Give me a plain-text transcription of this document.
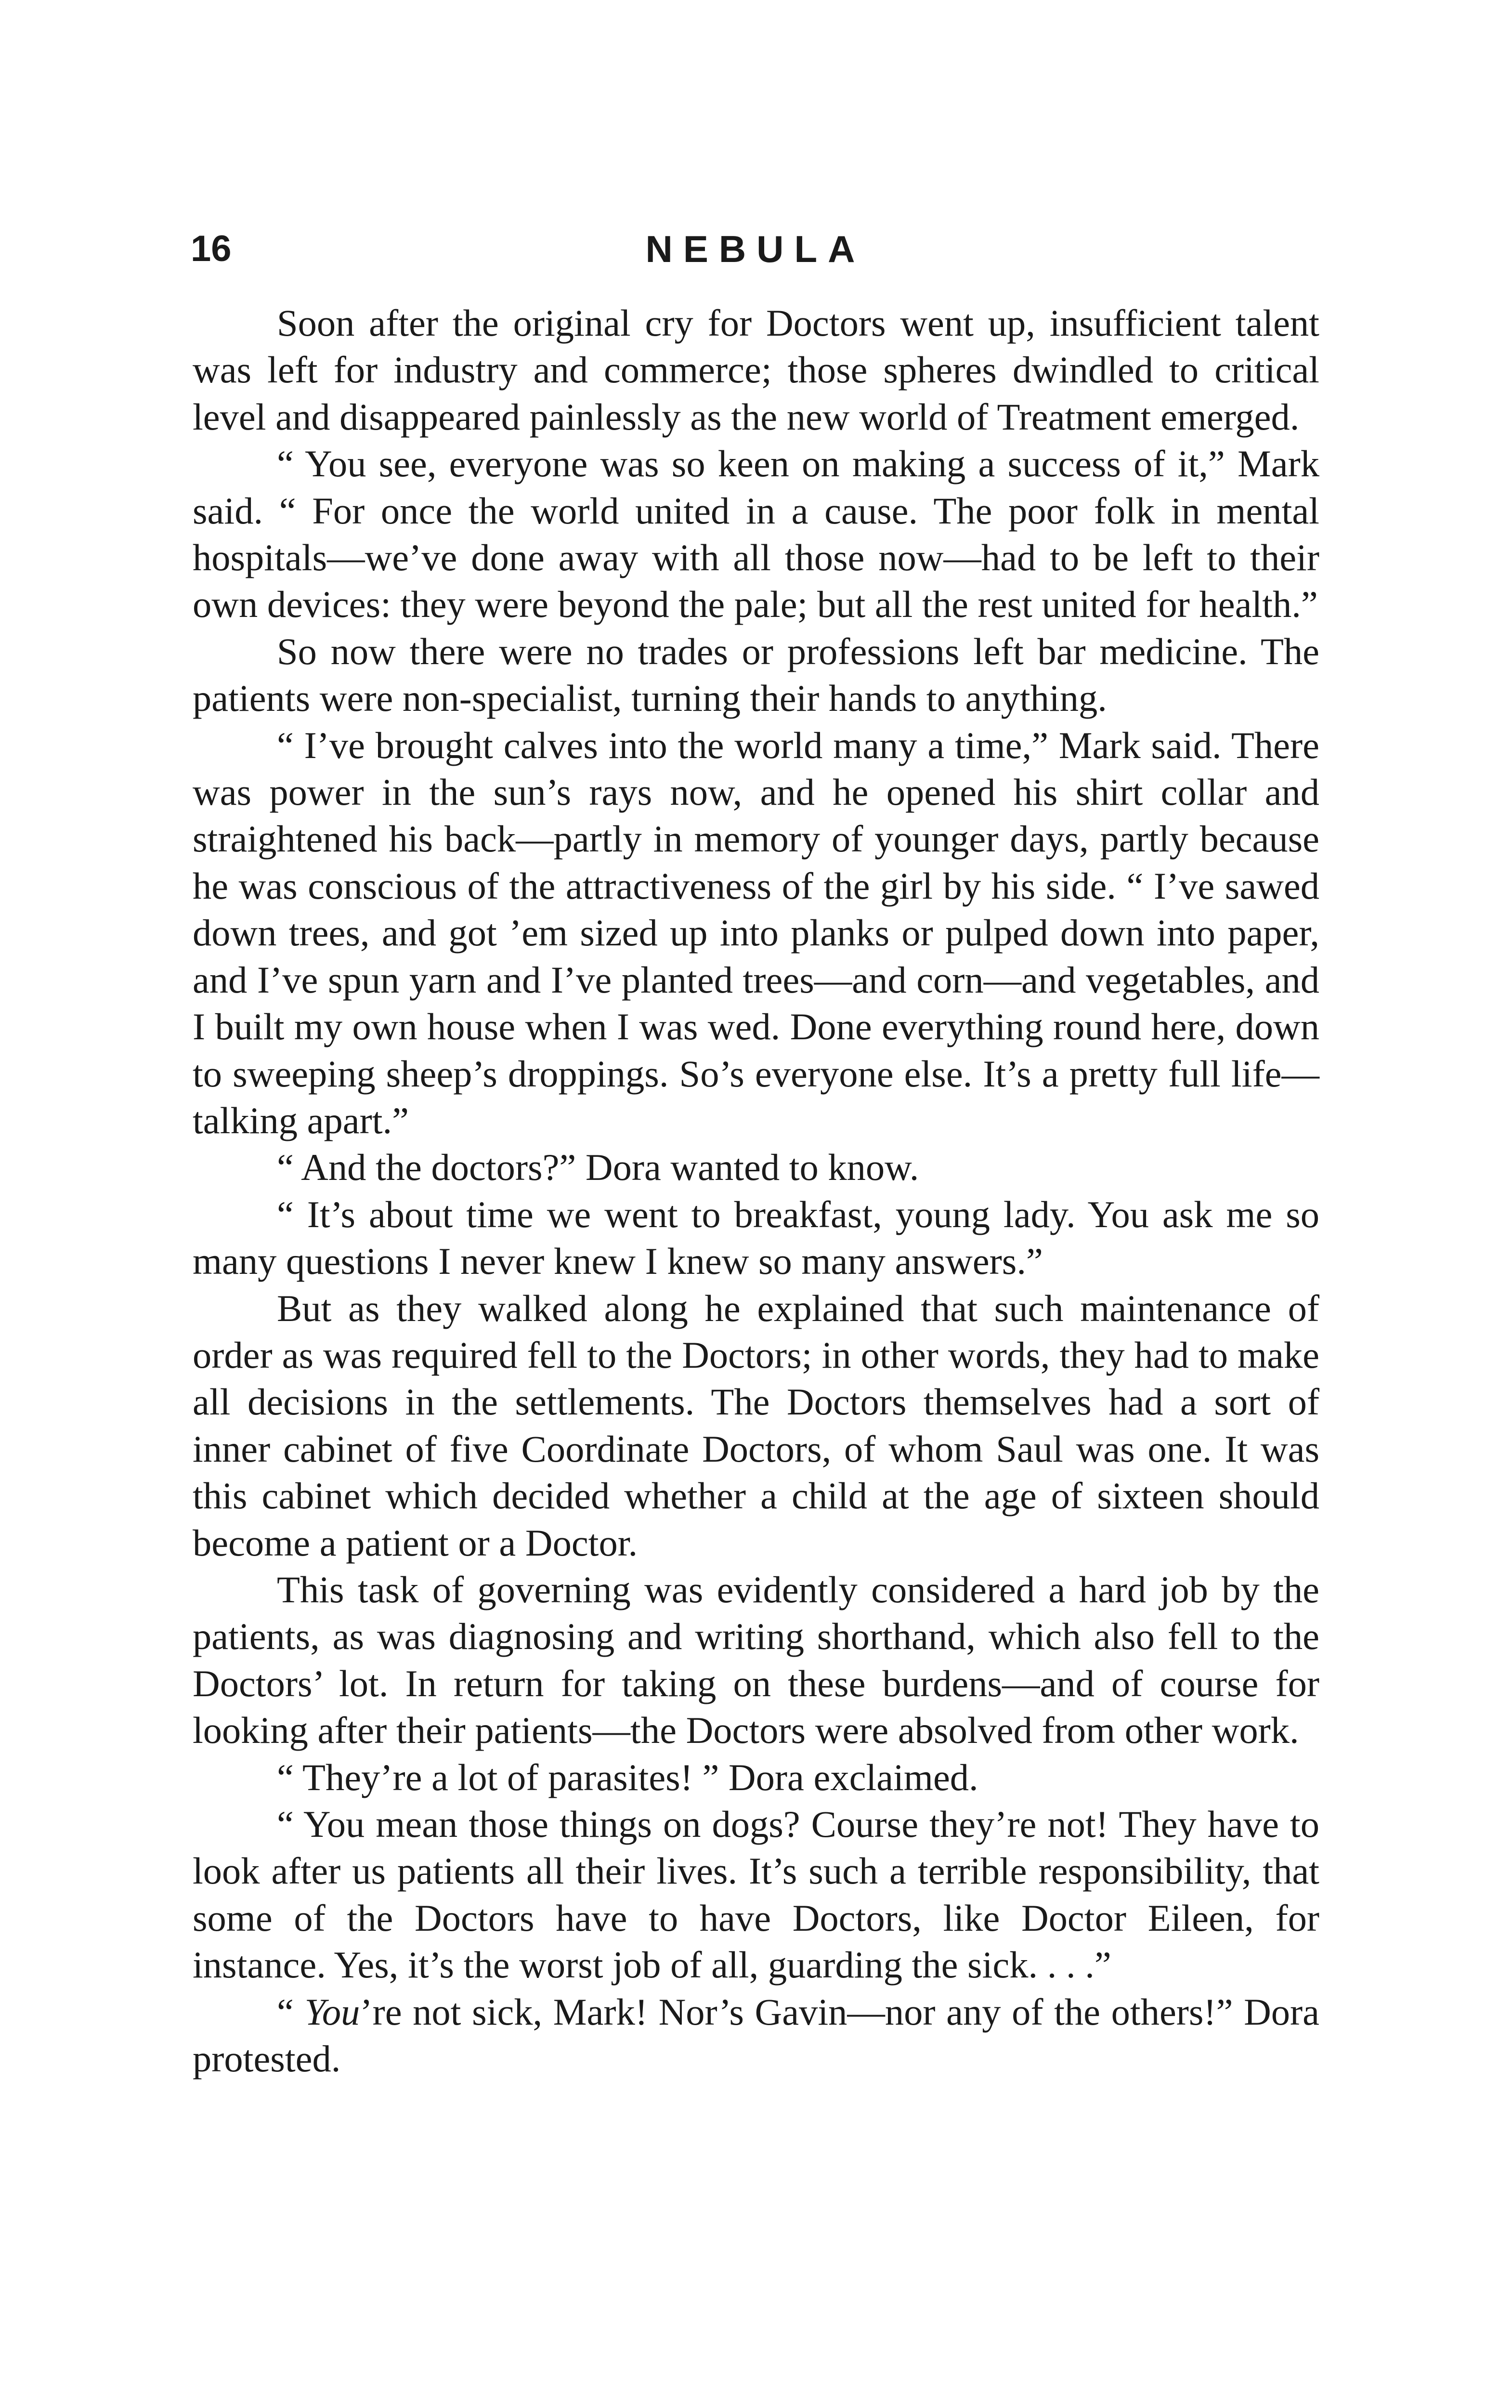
16	NEBULA

Soon after the original cry for Doctors went up, insufficient talent was left for industry and commerce; those spheres dwindled to critical level and disappeared painlessly as the new world of Treatment emerged.

“ You see, everyone was so keen on making a success of it,” Mark said. “ For once the world united in a cause. The poor folk in mental hospitals—we’ve done away with all those now—had to be left to their own devices: they were beyond the pale; but all the rest united for health.”

So now there were no trades or professions left bar medicine. The patients were non-specialist, turning their hands to anything.

“ I’ve brought calves into the world many a time,” Mark said. There was power in the sun’s rays now, and he opened his shirt collar and straightened his back—partly in memory of younger days, partly because he was conscious of the attractiveness of the girl by his side. “ I’ve sawed down trees, and got ’em sized up into planks or pulped down into paper, and I’ve spun yarn and I’ve planted trees—and corn—and vegetables, and I built my own house when I was wed. Done everything round here, down to sweeping sheep’s droppings. So’s everyone else. It’s a pretty full life—talking apart.”

“ And the doctors?” Dora wanted to know.

“ It’s about time we went to breakfast, young lady. You ask me so many questions I never knew I knew so many answers.”

But as they walked along he explained that such maintenance of order as was required fell to the Doctors; in other words, they had to make all decisions in the settlements. The Doctors themselves had a sort of inner cabinet of five Coordinate Doctors, of whom Saul was one. It was this cabinet which decided whether a child at the age of sixteen should become a patient or a Doctor.

This task of governing was evidently considered a hard job by the patients, as was diagnosing and writing shorthand, which also fell to the Doctors’ lot. In return for taking on these burdens—and of course for looking after their patients—the Doctors were absolved from other work.

“ They’re a lot of parasites! ” Dora exclaimed.

“ You mean those things on dogs? Course they’re not! They have to look after us patients all their lives. It’s such a terrible responsibility, that some of the Doctors have to have Doctors, like Doctor Eileen, for instance. Yes, it’s the worst job of all, guarding the sick. . . .”

“ You’re not sick, Mark! Nor’s Gavin—nor any of the others!” Dora protested.
